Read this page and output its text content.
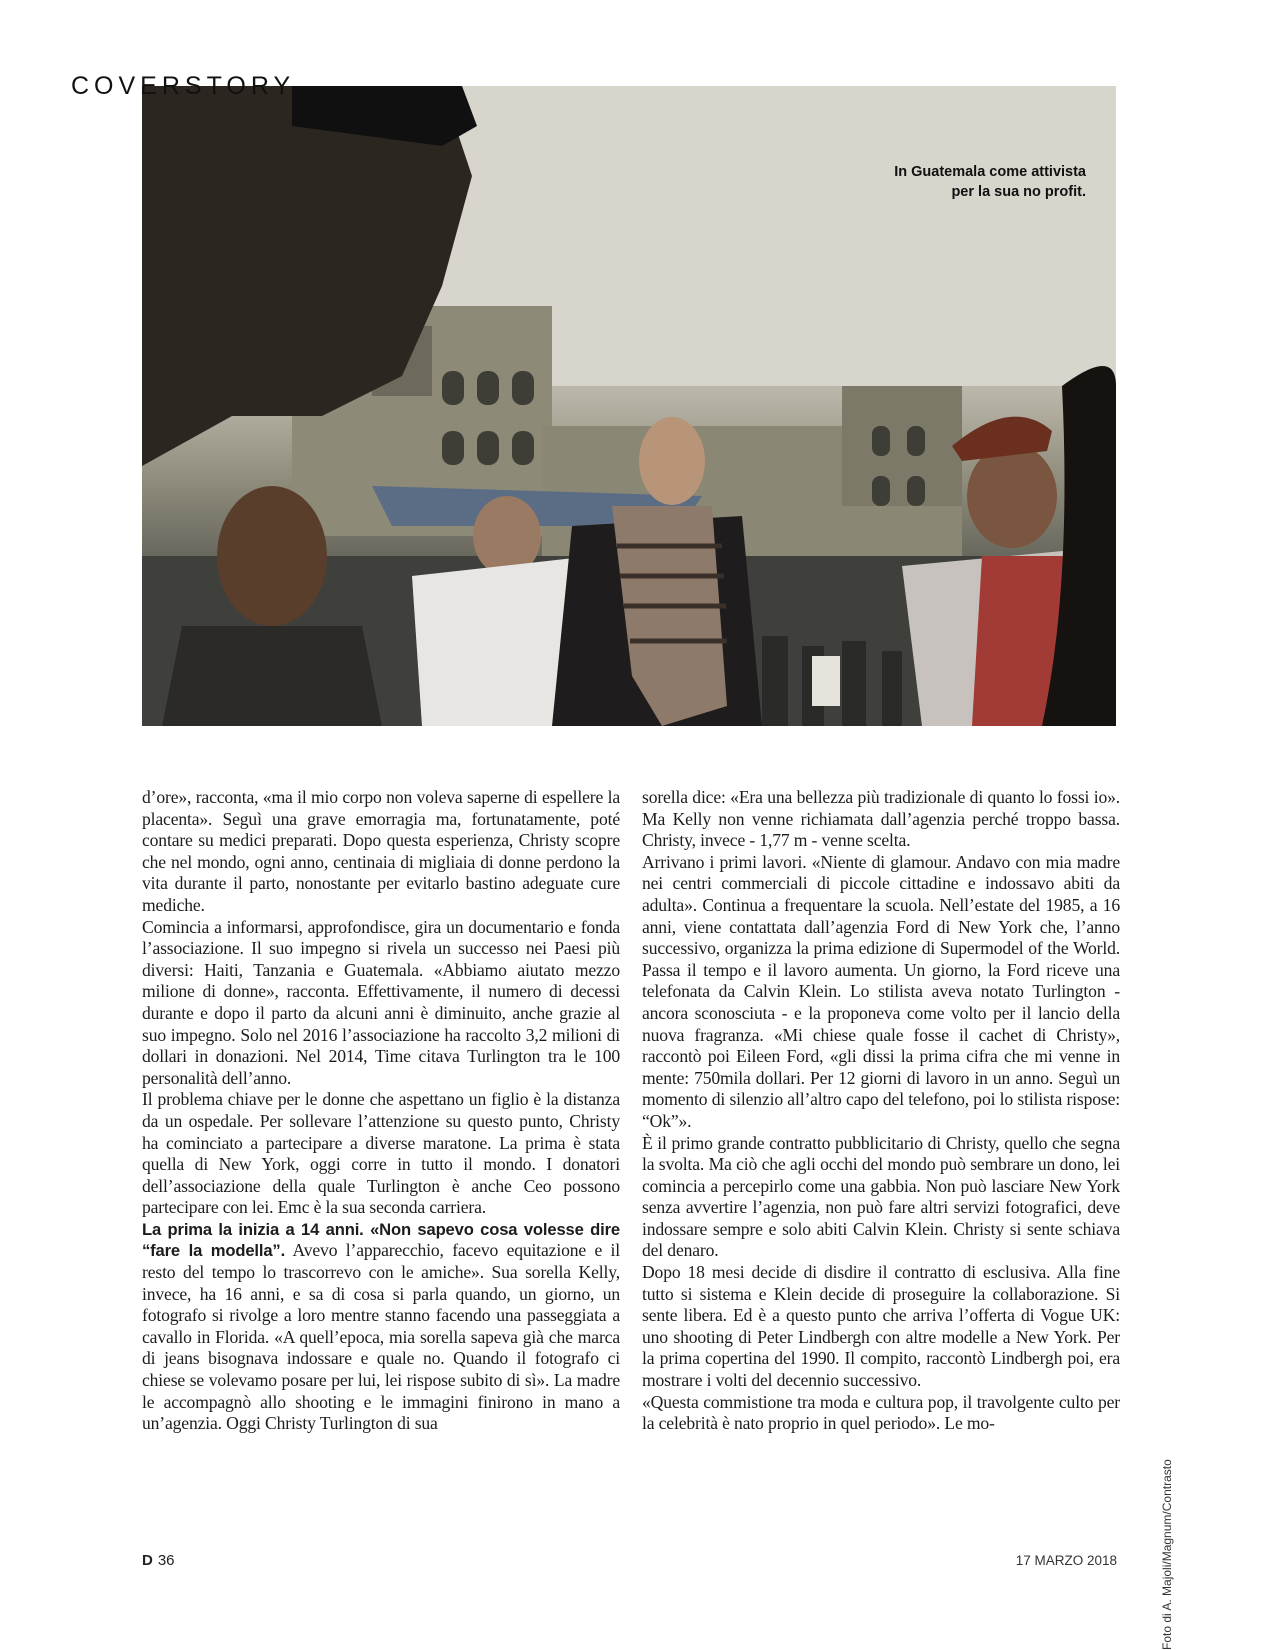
COVERSTORY
In Guatemala come attivista
per la sua no profit.

d’ore», racconta, «ma il mio corpo non voleva saperne di espellere la placenta». Seguì una grave emorragia ma, fortunatamente, poté contare su medici preparati. Dopo questa esperienza, Christy scopre che nel mondo, ogni anno, centinaia di migliaia di donne perdono la vita durante il parto, nonostante per evitarlo bastino adeguate cure mediche.

Comincia a informarsi, approfondisce, gira un documentario e fonda l’associazione. Il suo impegno si rivela un successo nei Paesi più diversi: Haiti, Tanzania e Guatemala. «Abbiamo aiutato mezzo milione di donne», racconta. Effettivamente, il numero di decessi durante e dopo il parto da alcuni anni è diminuito, anche grazie al suo impegno. Solo nel 2016 l’associazione ha raccolto 3,2 milioni di dollari in donazioni. Nel 2014, Time citava Turlington tra le 100 personalità dell’anno.

Il problema chiave per le donne che aspettano un figlio è la distanza da un ospedale. Per sollevare l’attenzione su questo punto, Christy ha cominciato a partecipare a diverse maratone. La prima è stata quella di New York, oggi corre in tutto il mondo. I donatori dell’associazione della quale Turlington è anche Ceo possono partecipare con lei. Emc è la sua seconda carriera.

La prima la inizia a 14 anni. «Non sapevo cosa volesse dire “fare la modella”. Avevo l’apparecchio, facevo equitazione e il resto del tempo lo trascorrevo con le amiche». Sua sorella Kelly, invece, ha 16 anni, e sa di cosa si parla quando, un giorno, un fotografo si rivolge a loro mentre stanno facendo una passeggiata a cavallo in Florida. «A quell’epoca, mia sorella sapeva già che marca di jeans bisognava indossare e quale no. Quando il fotografo ci chiese se volevamo posare per lui, lei rispose subito di sì». La madre le accompagnò allo shooting e le immagini finirono in mano a un’agenzia. Oggi Christy Turlington di sua

sorella dice: «Era una bellezza più tradizionale di quanto lo fossi io». Ma Kelly non venne richiamata dall’agenzia perché troppo bassa. Christy, invece - 1,77 m - venne scelta.

Arrivano i primi lavori. «Niente di glamour. Andavo con mia madre nei centri commerciali di piccole cittadine e indossavo abiti da adulta». Continua a frequentare la scuola. Nell’estate del 1985, a 16 anni, viene contattata dall’agenzia Ford di New York che, l’anno successivo, organizza la prima edizione di Supermodel of the World. Passa il tempo e il lavoro aumenta. Un giorno, la Ford riceve una telefonata da Calvin Klein. Lo stilista aveva notato Turlington - ancora sconosciuta - e la proponeva come volto per il lancio della nuova fragranza. «Mi chiese quale fosse il cachet di Christy», raccontò poi Eileen Ford, «gli dissi la prima cifra che mi venne in mente: 750mila dollari. Per 12 giorni di lavoro in un anno. Seguì un momento di silenzio all’altro capo del telefono, poi lo stilista rispose: “Ok”».

È il primo grande contratto pubblicitario di Christy, quello che segna la svolta. Ma ciò che agli occhi del mondo può sembrare un dono, lei comincia a percepirlo come una gabbia. Non può lasciare New York senza avvertire l’agenzia, non può fare altri servizi fotografici, deve indossare sempre e solo abiti Calvin Klein. Christy si sente schiava del denaro.

Dopo 18 mesi decide di disdire il contratto di esclusiva. Alla fine tutto si sistema e Klein decide di proseguire la collaborazione. Si sente libera. Ed è a questo punto che arriva l’offerta di Vogue UK: uno shooting di Peter Lindbergh con altre modelle a New York. Per la prima copertina del 1990. Il compito, raccontò Lindbergh poi, era mostrare i volti del decennio successivo.

«Questa commistione tra moda e cultura pop, il travolgente culto per la celebrità è nato proprio in quel periodo». Le mo-

Foto di A. Majoli/Magnum/Contrasto
D 36	17 MARZO 2018
